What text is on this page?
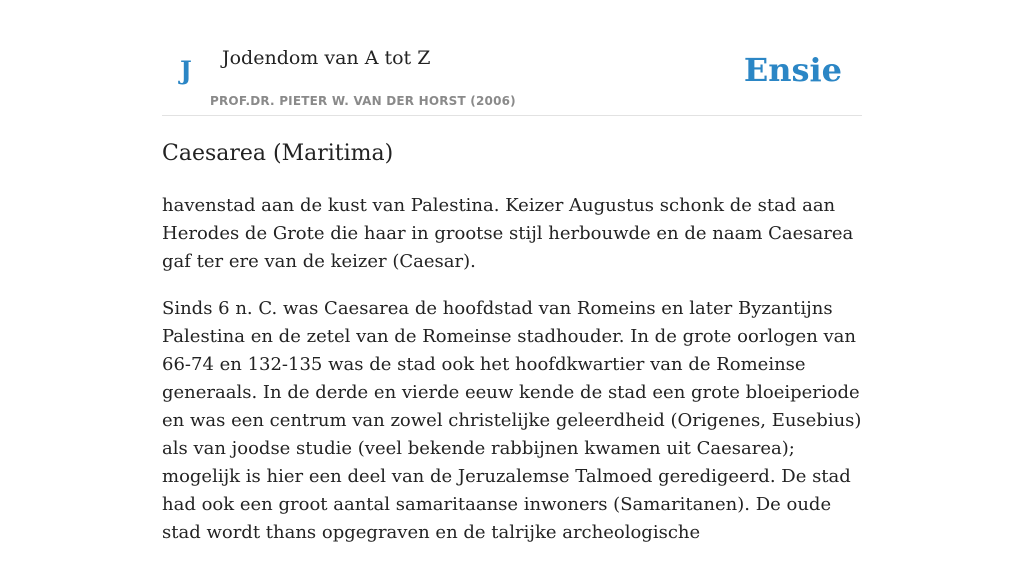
J Jodendom van A tot Z
PROF.DR. PIETER W. VAN DER HORST (2006)
Ensie
Caesarea (Maritima)

havenstad aan de kust van Palestina. Keizer Augustus schonk de stad aan Herodes de Grote die haar in grootse stijl herbouwde en de naam Caesarea gaf ter ere van de keizer (Caesar).

Sinds 6 n. C. was Caesarea de hoofdstad van Romeins en later Byzantijns Palestina en de zetel van de Romeinse stadhouder. In de grote oorlogen van 66-74 en 132-135 was de stad ook het hoofdkwartier van de Romeinse generaals. In de derde en vierde eeuw kende de stad een grote bloeiperiode en was een centrum van zowel christelijke geleerdheid (Origenes, Eusebius) als van joodse studie (veel bekende rabbijnen kwamen uit Caesarea); mogelijk is hier een deel van de Jeruzalemse Talmoed geredigeerd. De stad had ook een groot aantal samaritaanse inwoners (Samaritanen). De oude stad wordt thans opgegraven en de talrijke archeologische
